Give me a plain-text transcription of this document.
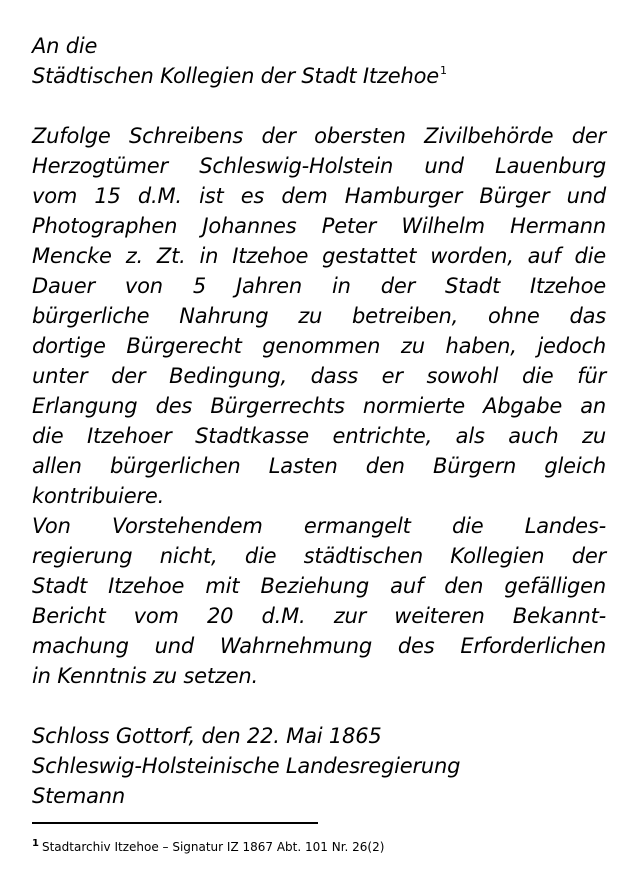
An die
Städtischen Kollegien der Stadt Itzehoe$^1$
Zufolge Schreibens der obersten Zivilbehörde der
Herzogtümer Schleswig-Holstein und Lauenburg
vom 15 d.M. ist es dem Hamburger Bürger und
Photographen Johannes Peter Wilhelm Hermann
Mencke z. Zt. in Itzehoe gestattet worden, auf die
Dauer von 5 Jahren in der Stadt Itzehoe
bürgerliche Nahrung zu betreiben, ohne das
dortige Bürgerecht genommen zu haben, jedoch
unter der Bedingung, dass er sowohl die für
Erlangung des Bürgerrechts normierte Abgabe an
die Itzehoer Stadtkasse entrichte, als auch zu
allen bürgerlichen Lasten den Bürgern gleich
kontribuiere.
Von Vorstehendem ermangelt die Landes-
regierung nicht, die städtischen Kollegien der
Stadt Itzehoe mit Beziehung auf den gefälligen
Bericht vom 20 d.M. zur weiteren Bekannt-
machung und Wahrnehmung des Erforderlichen
in Kenntnis zu setzen.
Schloss Gottorf, den 22. Mai 1865
Schleswig-Holsteinische Landesregierung
Stemann
$^1$ Stadtarchiv Itzehoe – Signatur IZ 1867 Abt. 101 Nr. 26(2)
